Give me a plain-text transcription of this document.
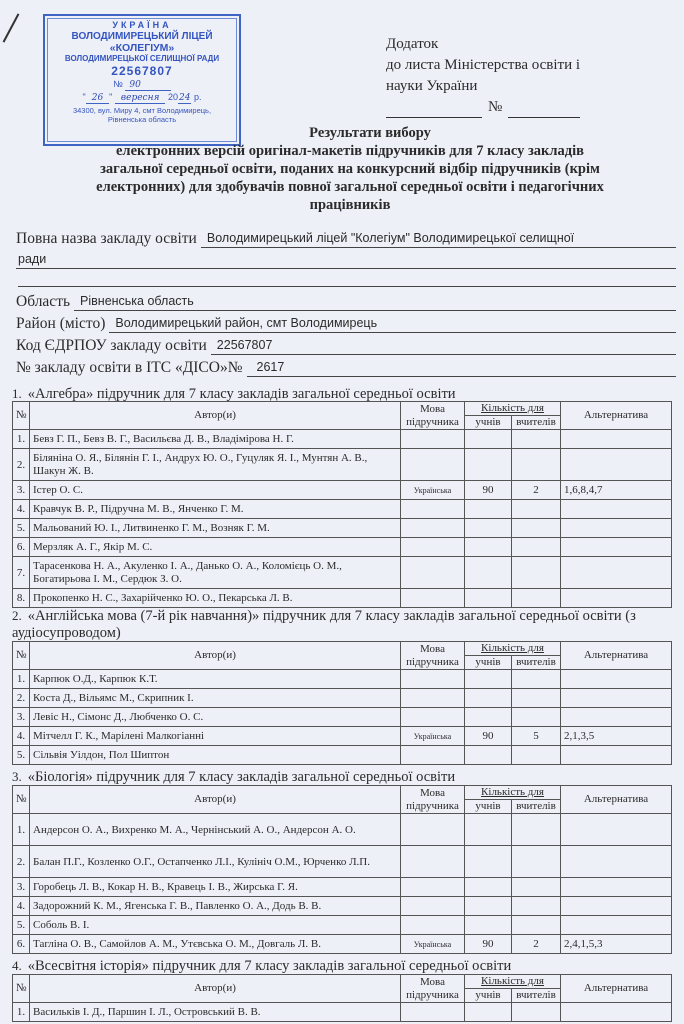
УКРАЇНА
ВОЛОДИМИРЕЦЬКИЙ ЛІЦЕЙ
«КОЛЕГІУМ»
ВОЛОДИМИРЕЦЬКОЇ СЕЛИЩНОЇ РАДИ
22567807
№ 90
" 26 " вересня 2024 р.
34300, вул. Миру 4, смт Володимирець,
Рівненська область
Додаток
до листа Міністерства освіти і
науки України
№
Результати вибору
електронних версій оригінал-макетів підручників для 7 класу закладів
загальної середньої освіти, поданих на конкурсний відбір підручників (крім
електронних) для здобувачів повної загальної середньої освіти і педагогічних
працівників
Повна назва закладу освіти Володимирецький ліцей "Колегіум" Володимирецької селищної
ради
Область Рівненська область
Район (місто) Володимирецький район, смт Володимирець
Код ЄДРПОУ закладу освіти 22567807
№ закладу освіти в ІТС «ДІСО»№	2617
1. «Алгебра» підручник для 7 класу закладів загальної середньої освіти
№	Автор(и)	Мова підручника	Кількість для		Альтернатива
			учнів	вчителів	
1.	Бевз Г. П., Бевз В. Г., Васильєва Д. В., Владімірова Н. Г.				
2.	Біляніна О. Я., Білянін Г. І., Андрух Ю. О., Гуцуляк Я. І., Мунтян А. В., Шакун Ж. В.				
3.	Істер О. С.	Українська	90	2	1,6,8,4,7
4.	Кравчук В. Р., Підручна М. В., Янченко Г. М.				
5.	Мальований Ю. І., Литвиненко Г. М., Возняк Г. М.				
6.	Мерзляк А. Г., Якір М. С.				
7.	Тарасенкова Н. А., Акуленко І. А., Данько О. А., Коломієць О. М., Богатирьова І. М., Сердюк З. О.				
8.	Прокопенко Н. С., Захарійченко Ю. О., Пекарська Л. В.				
2. «Англійська мова (7-й рік навчання)» підручник для 7 класу закладів загальної середньої освіти (з аудіосупроводом)
№	Автор(и)	Мова підручника	Кількість для		Альтернатива
			учнів	вчителів	
1.	Карпюк О.Д., Карпюк К.Т.				
2.	Коста Д., Вільямс М., Скрипник І.				
3.	Левіс Н., Сімонс Д., Любченко О. С.				
4.	Мітчелл Г. К., Марілені Малкогіанні	Українська	90	5	2,1,3,5
5.	Сільвія Уілдон, Пол Шиптон				
3. «Біологія» підручник для 7 класу закладів загальної середньої освіти
№	Автор(и)	Мова підручника	Кількість для		Альтернатива
			учнів	вчителів	
1.	Андерсон О. А., Вихренко М. А., Чернінський А. О., Андерсон А. О.				
2.	Балан П.Г., Козленко О.Г., Остапченко Л.І., Кулініч О.М., Юрченко Л.П.				
3.	Горобець Л. В., Кокар Н. В., Кравець І. В., Жирська Г. Я.				
4.	Задорожний К. М., Ягенська Г. В., Павленко О. А., Додь В. В.				
5.	Соболь В. І.				
6.	Тагліна О. В., Самойлов А. М., Утєвська О. М., Довгаль Л. В.	Українська	90	2	2,4,1,5,3
4. «Всесвітня історія» підручник для 7 класу закладів загальної середньої освіти
№	Автор(и)	Мова підручника	Кількість для		Альтернатива
			учнів	вчителів	
1.	Васильків І. Д., Паршин І. Л., Островський В. В.				
